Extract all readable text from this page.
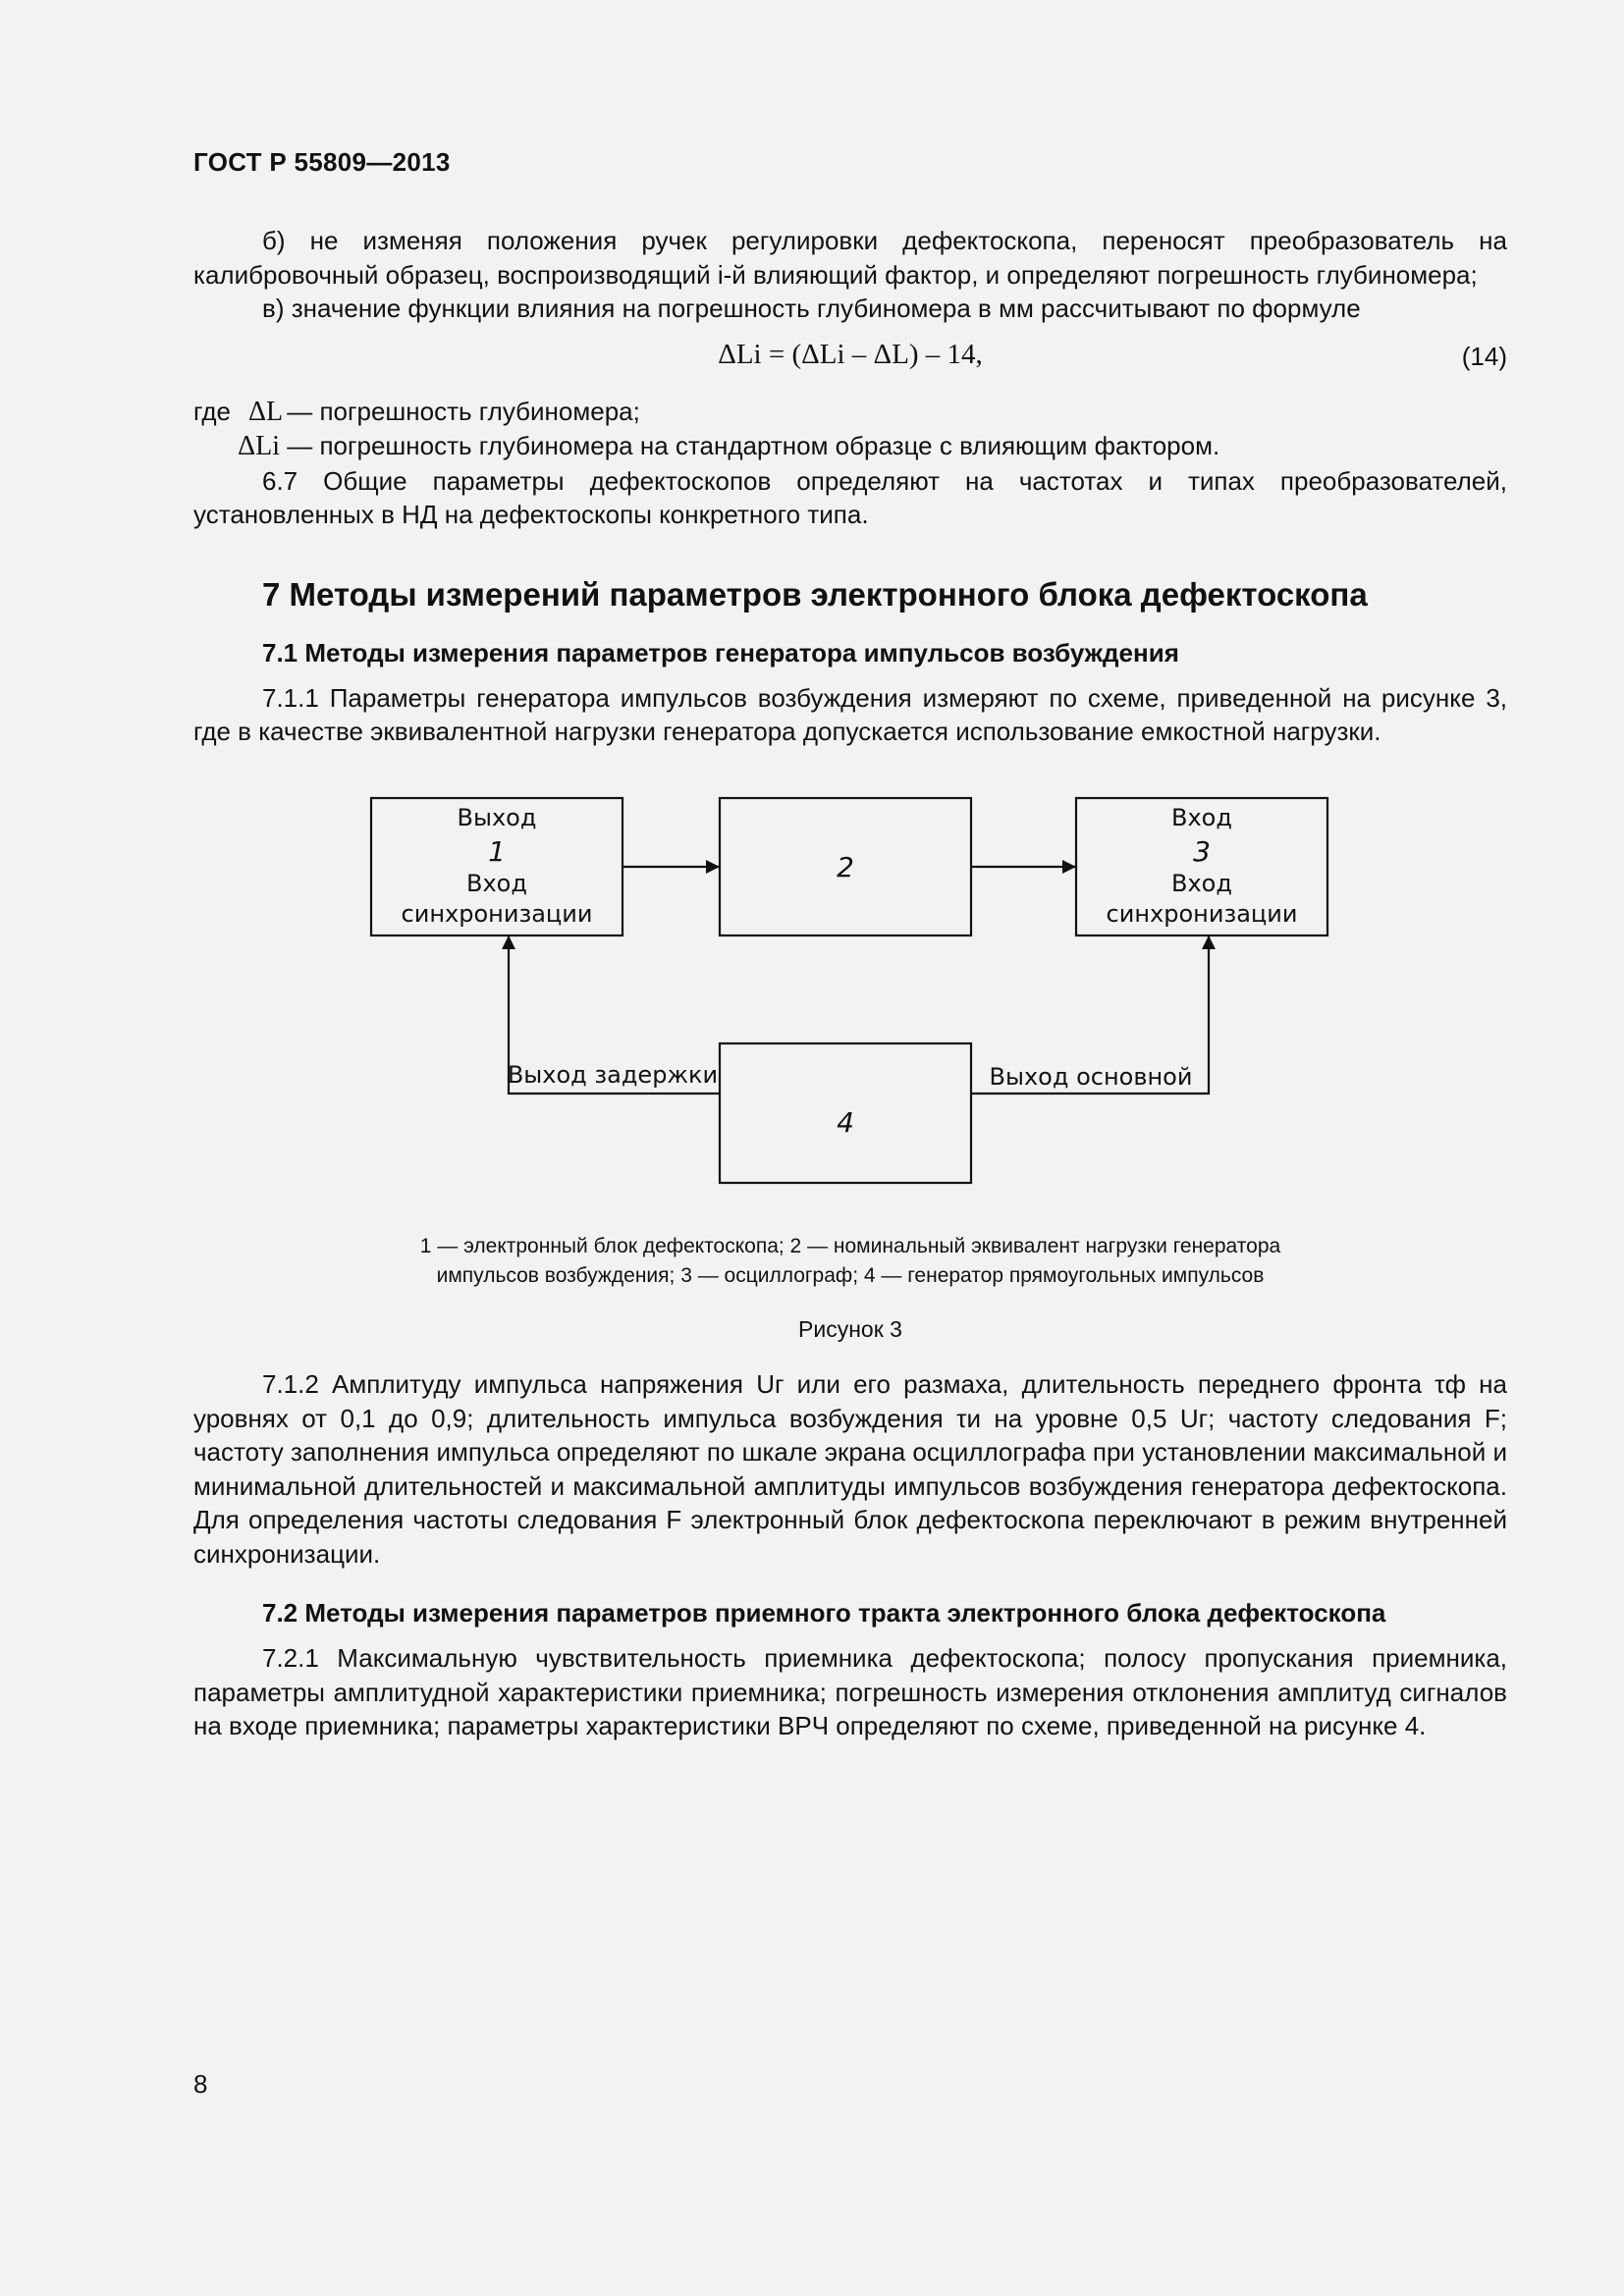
ГОСТ Р 55809—2013

б) не изменяя положения ручек регулировки дефектоскопа, переносят преобразователь на калибровочный образец, воспроизводящий i-й влияющий фактор, и определяют погрешность глубиномера;

в) значение функции влияния на погрешность глубиномера в мм рассчитывают по формуле

ΔLi = (ΔLi – ΔL) – 14,	(14)

где ΔL — погрешность глубиномера;

ΔLi — погрешность глубиномера на стандартном образце с влияющим фактором.

6.7 Общие параметры дефектоскопов определяют на частотах и типах преобразователей, установленных в НД на дефектоскопы конкретного типа.

7 Методы измерений параметров электронного блока дефектоскопа
7.1 Методы измерения параметров генератора импульсов возбуждения

7.1.1 Параметры генератора импульсов возбуждения измеряют по схеме, приведенной на рисунке 3, где в качестве эквивалентной нагрузки генератора допускается использование емкостной нагрузки.

Выход
1
Вход
синхронизации
2
Вход
3
Вход
синхронизации
4
Выход задержки	Выход основной
1 — электронный блок дефектоскопа; 2 — номинальный эквивалент нагрузки генератора
импульсов возбуждения; 3 — осциллограф; 4 — генератор прямоугольных импульсов
Рисунок 3

7.1.2 Амплитуду импульса напряжения Uг или его размаха, длительность переднего фронта τф на уровнях от 0,1 до 0,9; длительность импульса возбуждения τи на уровне 0,5 Uг; частоту следования F; частоту заполнения импульса определяют по шкале экрана осциллографа при установлении максимальной и минимальной длительностей и максимальной амплитуды импульсов возбуждения генератора дефектоскопа. Для определения частоты следования F электронный блок дефектоскопа переключают в режим внутренней синхронизации.

7.2 Методы измерения параметров приемного тракта электронного блока дефектоскопа

7.2.1 Максимальную чувствительность приемника дефектоскопа; полосу пропускания приемника, параметры амплитудной характеристики приемника; погрешность измерения отклонения амплитуд сигналов на входе приемника; параметры характеристики ВРЧ определяют по схеме, приведенной на рисунке 4.

8
